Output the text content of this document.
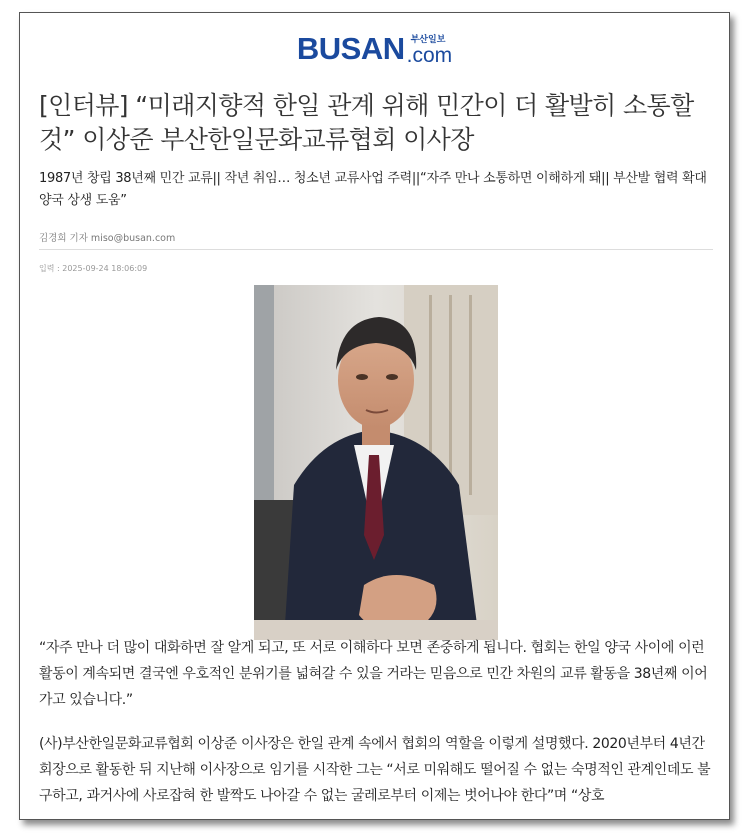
BUSAN 부산일보
.com
[인터뷰] “미래지향적 한일 관계 위해 민간이 더 활발히 소통할 것” 이상준 부산한일문화교류협회 이사장
1987년 창립 38년째 민간 교류|| 작년 취임… 청소년 교류사업 주력||“자주 만나 소통하면 이해하게 돼|| 부산발 협력 확대 양국 상생 도움”
김경희 기자 miso@busan.com
입력 : 2025-09-24 18:06:09

“자주 만나 더 많이 대화하면 잘 알게 되고, 또 서로 이해하다 보면 존중하게 됩니다. 협회는 한일 양국 사이에 이런 활동이 계속되면 결국엔 우호적인 분위기를 넓혀갈 수 있을 거라는 믿음으로 민간 차원의 교류 활동을 38년째 이어가고 있습니다.”

(사)부산한일문화교류협회 이상준 이사장은 한일 관계 속에서 협회의 역할을 이렇게 설명했다. 2020년부터 4년간 회장으로 활동한 뒤 지난해 이사장으로 임기를 시작한 그는 “서로 미워해도 떨어질 수 없는 숙명적인 관계인데도 불구하고, 과거사에 사로잡혀 한 발짝도 나아갈 수 없는 굴레로부터 이제는 벗어나야 한다”며 “상호
